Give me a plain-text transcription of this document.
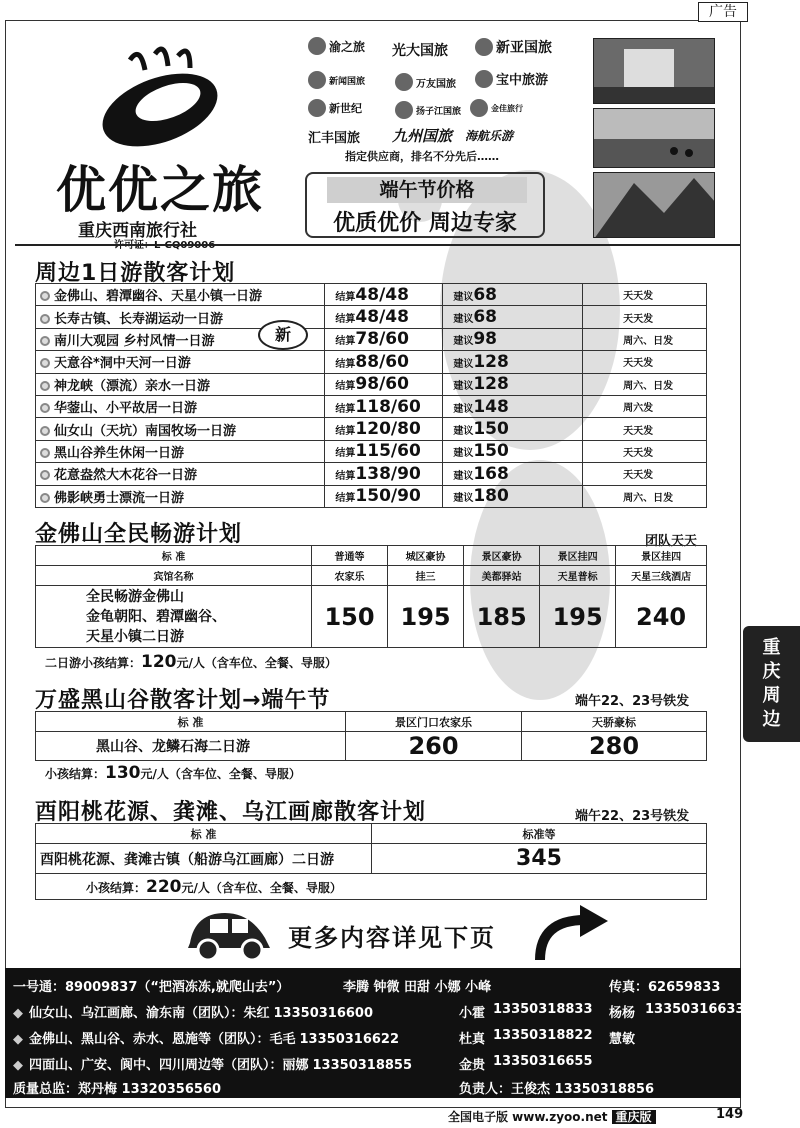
广告
优优之旅
重庆西南旅行社
渝之旅 光大国旅	新亚国旅
新闻国旅	万友国旅	宝中旅游
新世纪	扬子江国旅	金佳旅行
汇丰国旅 九州国旅 海航乐游
指定供应商，排名不分先后……
端午节价格
优质优价 周边专家
周边1日游散客计划
金佛山、碧潭幽谷、天星小镇一日游	结算48/48	建议68	天天发
长寿古镇、长寿湖运动一日游	结算48/48	建议68	天天发
南川大观园 乡村风情一日游	结算78/60	建议98	周六、日发
天意谷*洞中天河一日游	结算88/60	建议128	天天发
神龙峡（漂流）亲水一日游	结算98/60	建议128	周六、日发
华蓥山、小平故居一日游	结算118/60	建议148	周六发
仙女山（天坑）南国牧场一日游	结算120/80	建议150	天天发
黑山谷养生休闲一日游	结算115/60	建议150	天天发
花意盎然大木花谷一日游	结算138/90	建议168	天天发
佛影峡勇士漂流一日游	结算150/90	建议180	周六、日发
新
金佛山全民畅游计划	团队天天
标 准	普通等	城区豪协	景区豪协	景区挂四	景区挂四
宾馆名称	农家乐	挂三	美都驿站	天星普标	天星三线酒店

全民畅游金佛山
金龟朝阳、碧潭幽谷、
天星小镇二日游	150	195	185	195	240
二日游小孩结算：120元/人（含车位、全餐、导服）
万盛黑山谷散客计划→端午节	端午22、23号铁发
标 准	景区门口农家乐	天骄豪标
黑山谷、龙鳞石海二日游	260	280
小孩结算：130元/人（含车位、全餐、导服）
酉阳桃花源、龚滩、乌江画廊散客计划	端午22、23号铁发
标 准	标准等
酉阳桃花源、龚滩古镇（船游乌江画廊）二日游	345
小孩结算：220元/人（含车位、全餐、导服）	
更多内容详见下页
一号通：89009837（“把酒冻冻,就爬山去”）	李腾 钟微 田甜 小娜 小峰	传真：62659833
◆ 仙女山、乌江画廊、渝东南（团队）：朱红 13350316600	小霍 13350318833 杨杨 13350316633
◆ 金佛山、黑山谷、赤水、恩施等（团队）：毛毛 13350316622	杜真 13350318822 慧敏
◆ 四面山、广安、阆中、四川周边等（团队）：丽娜 13350318855	金贵 13350316655
质量总监：郑丹梅 13320356560	负责人：王俊杰 13350318856
重
庆
周
边
全国电子版 www.zyoo.net 重庆版	149
